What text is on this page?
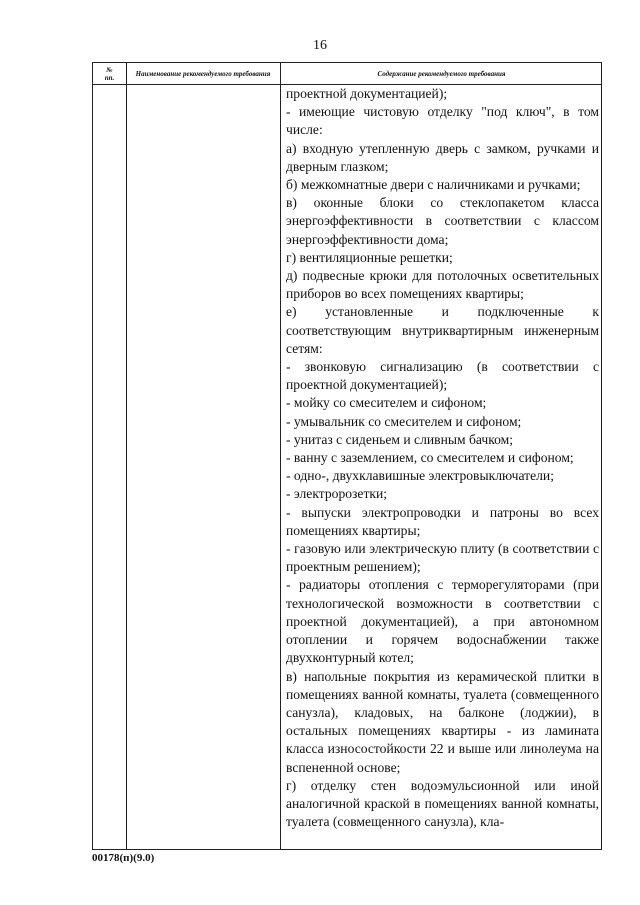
16
№
пп.	Наименование рекомендуемого требования	Содержание рекомендуемого требования

проектной документацией);

- имеющие чистовую отделку "под ключ", в том числе:

а) входную утепленную дверь с замком, ручками и дверным глазком;

б) межкомнатные двери с наличниками и ручками;

в) оконные блоки со стеклопакетом класса энергоэффективности в соответствии с классом энергоэффективности дома;

г) вентиляционные решетки;

д) подвесные крюки для потолочных осветительных приборов во всех помещениях квартиры;

е) установленные и подключенные к соответствующим внутриквартирным инженерным сетям:

- звонковую сигнализацию (в соответствии с проектной документацией);

- мойку со смесителем и сифоном;

- умывальник со смесителем и сифоном;

- унитаз с сиденьем и сливным бачком;

- ванну с заземлением, со смесителем и сифоном;

- одно-, двухклавишные электровыключатели;

- электророзетки;

- выпуски электропроводки и патроны во всех помещениях квартиры;

- газовую или электрическую плиту (в соответствии с проектным решением);

- радиаторы отопления с терморегуляторами (при технологической возможности в соответствии с проектной документацией), а при автономном отоплении и горячем водоснабжении также двухконтурный котел;

в) напольные покрытия из керамической плитки в помещениях ванной комнаты, туалета (совмещенного санузла), кладовых, на балконе (лоджии), в остальных помещениях квартиры - из ламината класса износостойкости 22 и выше или линолеума на вспененной основе;

г) отделку стен водоэмульсионной или иной аналогичной краской в помещениях ванной комнаты, туалета (совмещенного санузла), кла-

00178(п)(9.0)
